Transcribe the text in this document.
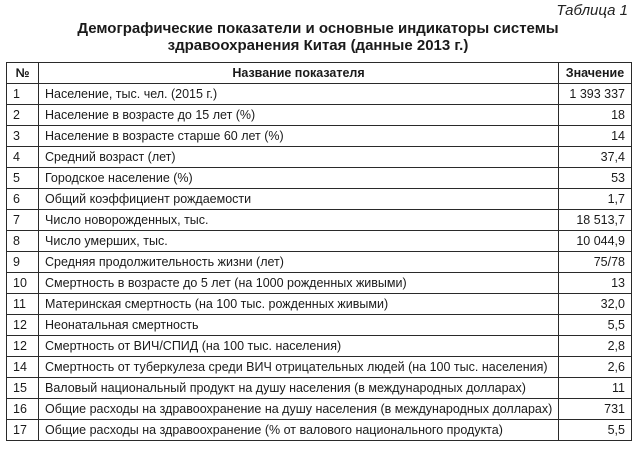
Таблица 1
Демографические показатели и основные индикаторы системы
здравоохранения Китая (данные 2013 г.)
№	Название показателя	Значение
1	Население, тыс. чел. (2015 г.)	1 393 337
2	Население в возрасте до 15 лет (%)	18
3	Население в возрасте старше 60 лет (%)	14
4	Средний возраст (лет)	37,4
5	Городское население (%)	53
6	Общий коэффициент рождаемости	1,7
7	Число новорожденных, тыс.	18 513,7
8	Число умерших, тыс.	10 044,9
9	Средняя продолжительность жизни (лет)	75/78
10	Смертность в возрасте до 5 лет (на 1000 рожденных живыми)	13
11	Материнская смертность (на 100 тыс. рожденных живыми)	32,0
12	Неонатальная смертность	5,5
12	Смертность от ВИЧ/СПИД (на 100 тыс. населения)	2,8
14	Смертность от туберкулеза среди ВИЧ отрицательных людей (на 100 тыс. населения)	2,6
15	Валовый национальный продукт на душу населения (в международных долларах)	11
16	Общие расходы на здравоохранение на душу населения (в международных долларах)	731
17	Общие расходы на здравоохранение (% от валового национального продукта)	5,5
